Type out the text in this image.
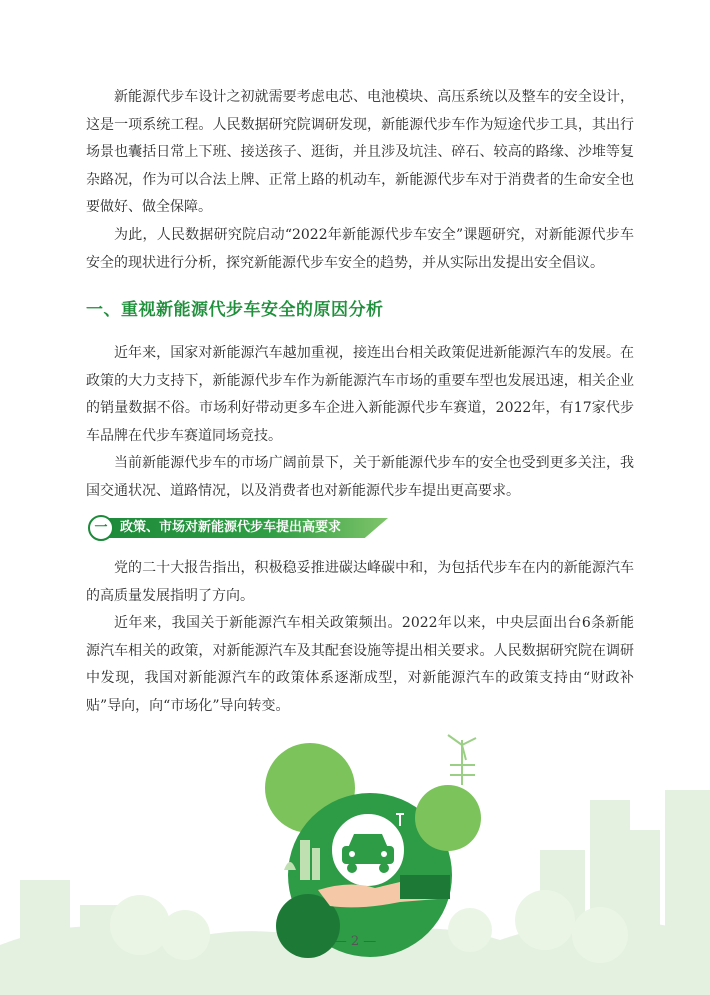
新能源代步车设计之初就需要考虑电芯、电池模块、高压系统以及整车的安全设计，这是一项系统工程。人民数据研究院调研发现，新能源代步车作为短途代步工具，其出行场景也囊括日常上下班、接送孩子、逛街，并且涉及坑洼、碎石、较高的路缘、沙堆等复杂路况，作为可以合法上牌、正常上路的机动车，新能源代步车对于消费者的生命安全也要做好、做全保障。

为此，人民数据研究院启动“2022年新能源代步车安全”课题研究，对新能源代步车安全的现状进行分析，探究新能源代步车安全的趋势，并从实际出发提出安全倡议。

一、重视新能源代步车安全的原因分析

近年来，国家对新能源汽车越加重视，接连出台相关政策促进新能源汽车的发展。在政策的大力支持下，新能源代步车作为新能源汽车市场的重要车型也发展迅速，相关企业的销量数据不俗。市场利好带动更多车企进入新能源代步车赛道，2022年，有17家代步车品牌在代步车赛道同场竞技。

当前新能源代步车的市场广阔前景下，关于新能源代步车的安全也受到更多关注，我国交通状况、道路情况，以及消费者也对新能源代步车提出更高要求。

一 政策、市场对新能源代步车提出高要求

党的二十大报告指出，积极稳妥推进碳达峰碳中和，为包括代步车在内的新能源汽车的高质量发展指明了方向。

近年来，我国关于新能源汽车相关政策频出。2022年以来，中央层面出台6条新能源汽车相关的政策，对新能源汽车及其配套设施等提出相关要求。人民数据研究院在调研中发现，我国对新能源汽车的政策体系逐渐成型，对新能源汽车的政策支持由“财政补贴”导向，向“市场化”导向转变。

— 2 —
